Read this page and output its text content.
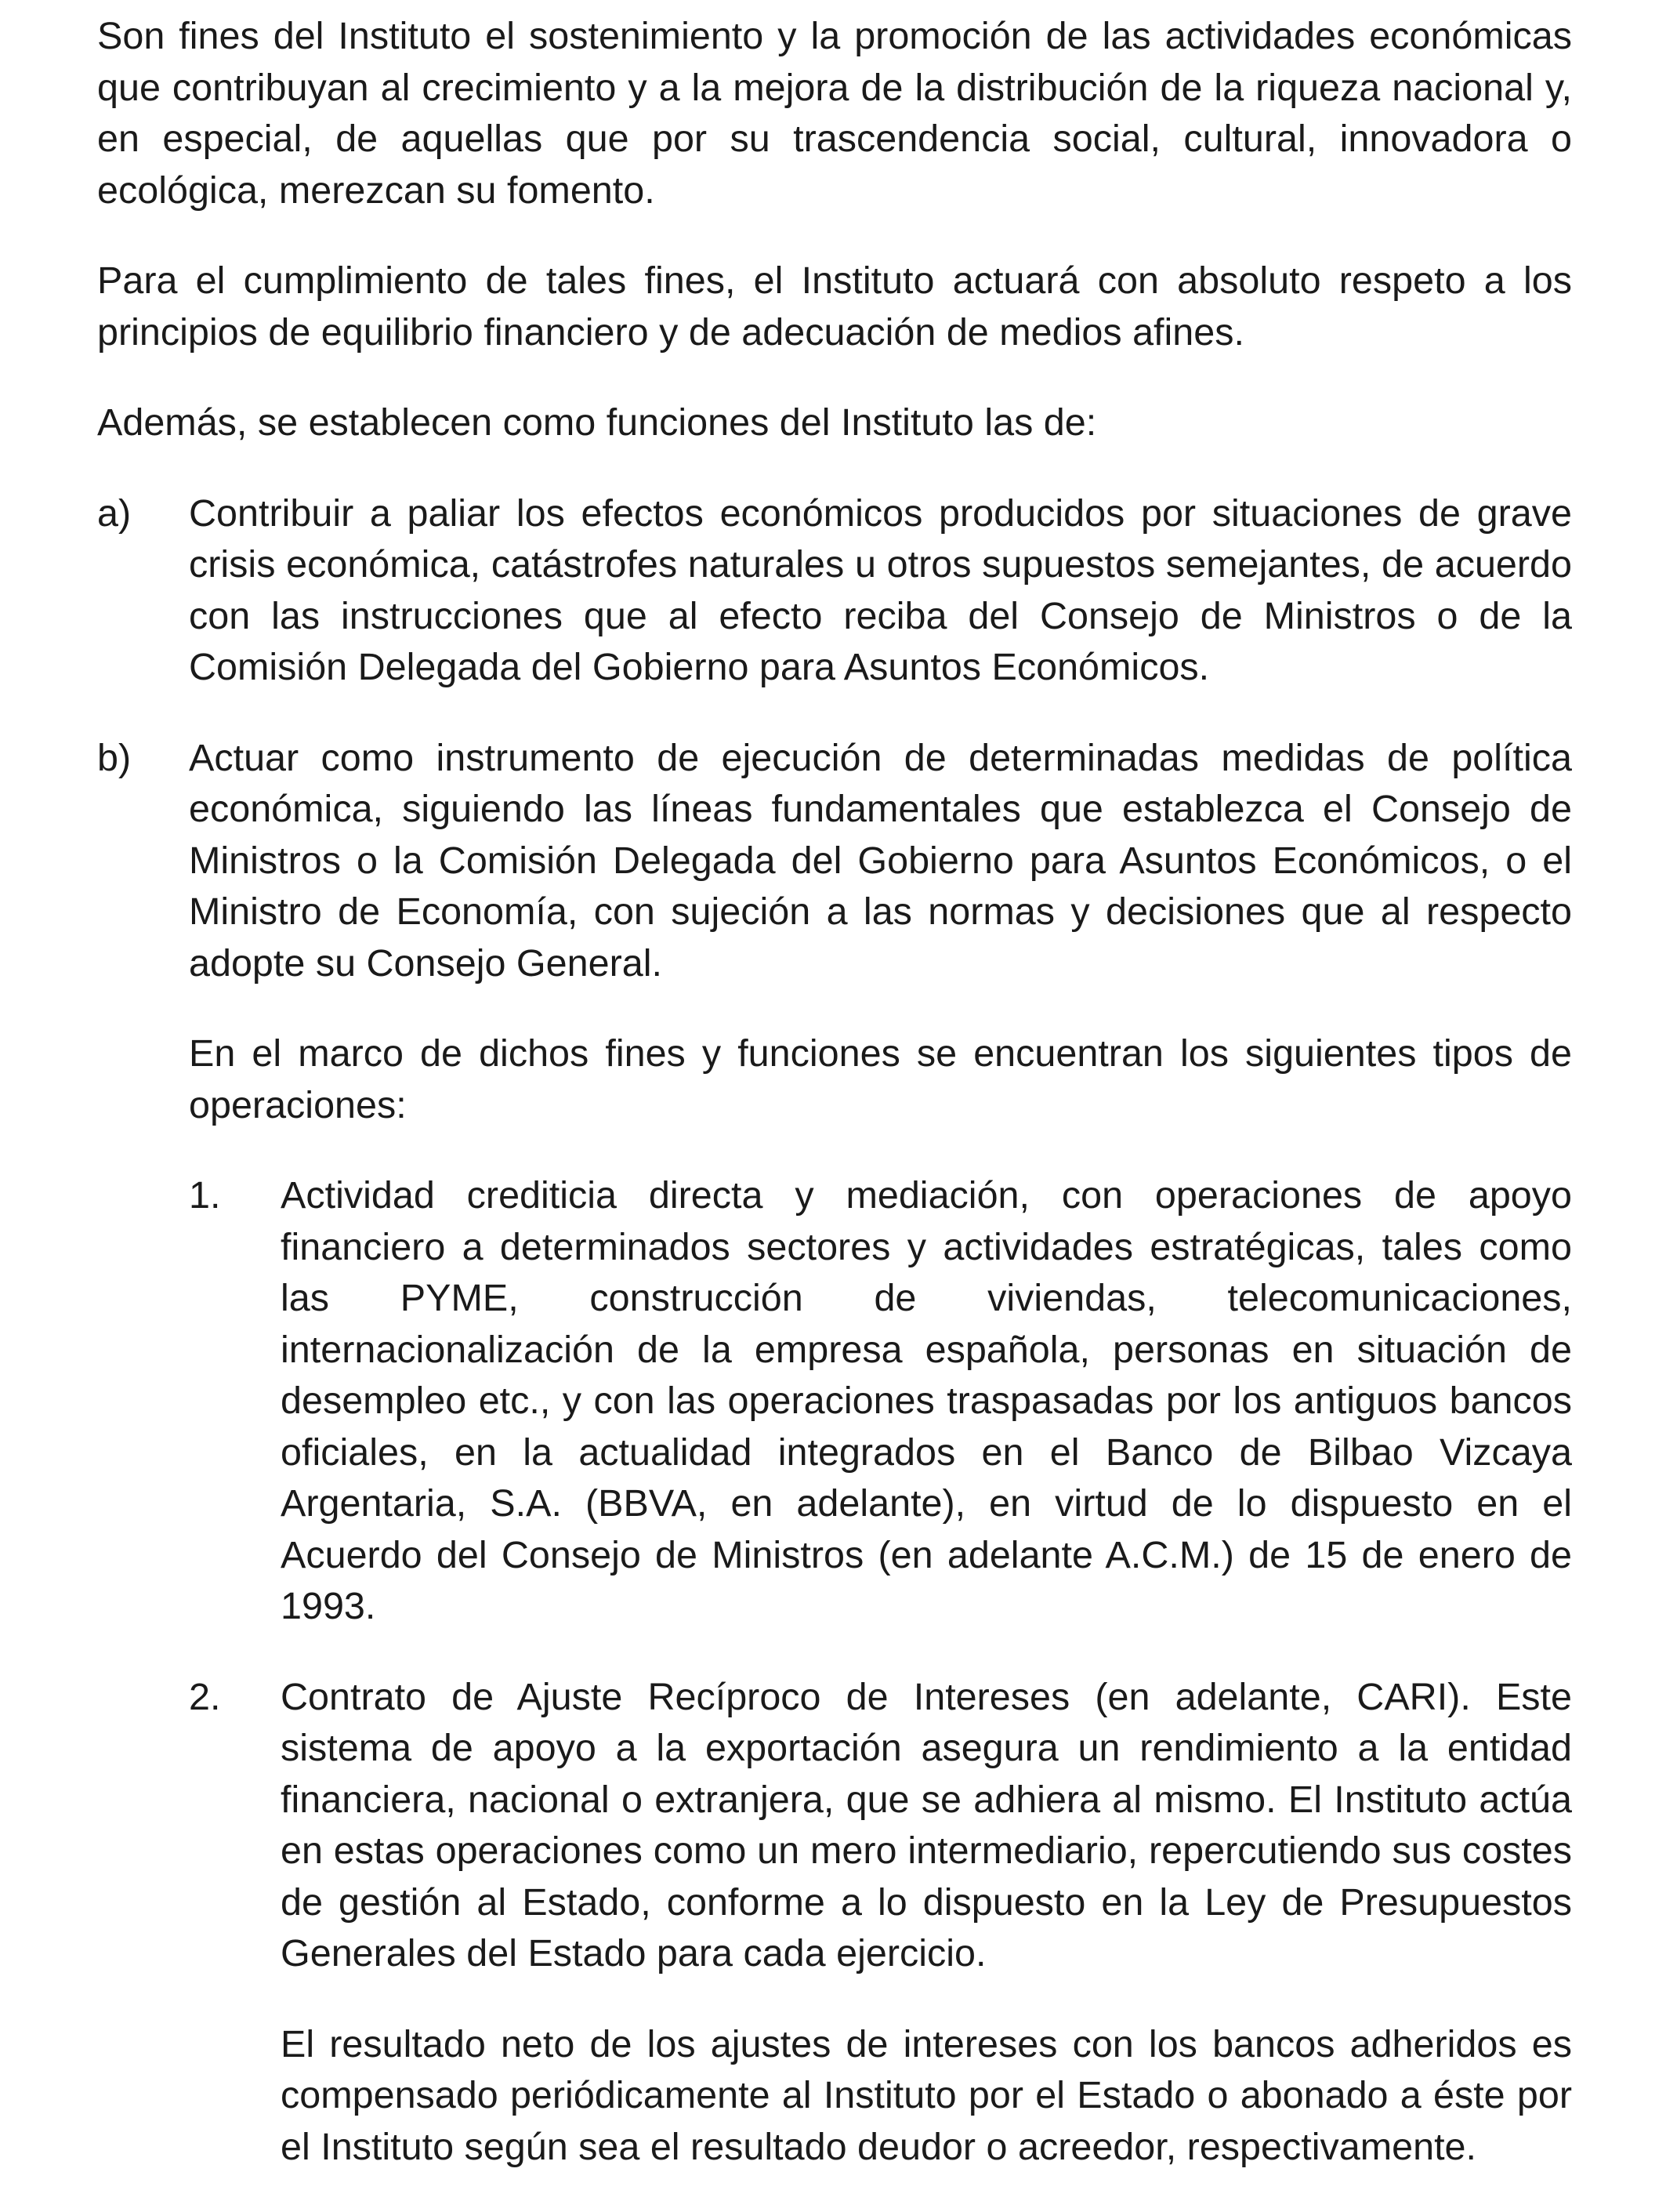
Son fines del Instituto el sostenimiento y la promoción de las actividades económicas que contribuyan al crecimiento y a la mejora de la distribución de la riqueza nacional y, en especial, de aquellas que por su trascendencia social, cultural, innovadora o ecológica, merezcan su fomento.

Para el cumplimiento de tales fines, el Instituto actuará con absoluto respeto a los principios de equilibrio financiero y de adecuación de medios afines.

Además, se establecen como funciones del Instituto las de:

a)	Contribuir a paliar los efectos económicos producidos por situaciones de grave crisis económica, catástrofes naturales u otros supuestos semejantes, de acuerdo con las instrucciones que al efecto reciba del Consejo de Ministros o de la Comisión Delegada del Gobierno para Asuntos Económicos.

b)	Actuar como instrumento de ejecución de determinadas medidas de política económica, siguiendo las líneas fundamentales que establezca el Consejo de Ministros o la Comisión Delegada del Gobierno para Asuntos Económicos, o el Ministro de Economía, con sujeción a las normas y decisiones que al respecto adopte su Consejo General.

En el marco de dichos fines y funciones se encuentran los siguientes tipos de operaciones:

1.	Actividad crediticia directa y mediación, con operaciones de apoyo financiero a determinados sectores y actividades estratégicas, tales como las PYME, construcción de viviendas, telecomunicaciones, internacionalización de la empresa española, personas en situación de desempleo etc., y con las operaciones traspasadas por los antiguos bancos oficiales, en la actualidad integrados en el Banco de Bilbao Vizcaya Argentaria, S.A. (BBVA, en adelante), en virtud de lo dispuesto en el Acuerdo del Consejo de Ministros (en adelante A.C.M.) de 15 de enero de 1993.

2.	Contrato de Ajuste Recíproco de Intereses (en adelante, CARI). Este sistema de apoyo a la exportación asegura un rendimiento a la entidad financiera, nacional o extranjera, que se adhiera al mismo. El Instituto actúa en estas operaciones como un mero intermediario, repercutiendo sus costes de gestión al Estado, conforme a lo dispuesto en la Ley de Presupuestos Generales del Estado para cada ejercicio.

El resultado neto de los ajustes de intereses con los bancos adheridos es compensado periódicamente al Instituto por el Estado o abonado a éste por el Instituto según sea el resultado deudor o acreedor, respectivamente.
